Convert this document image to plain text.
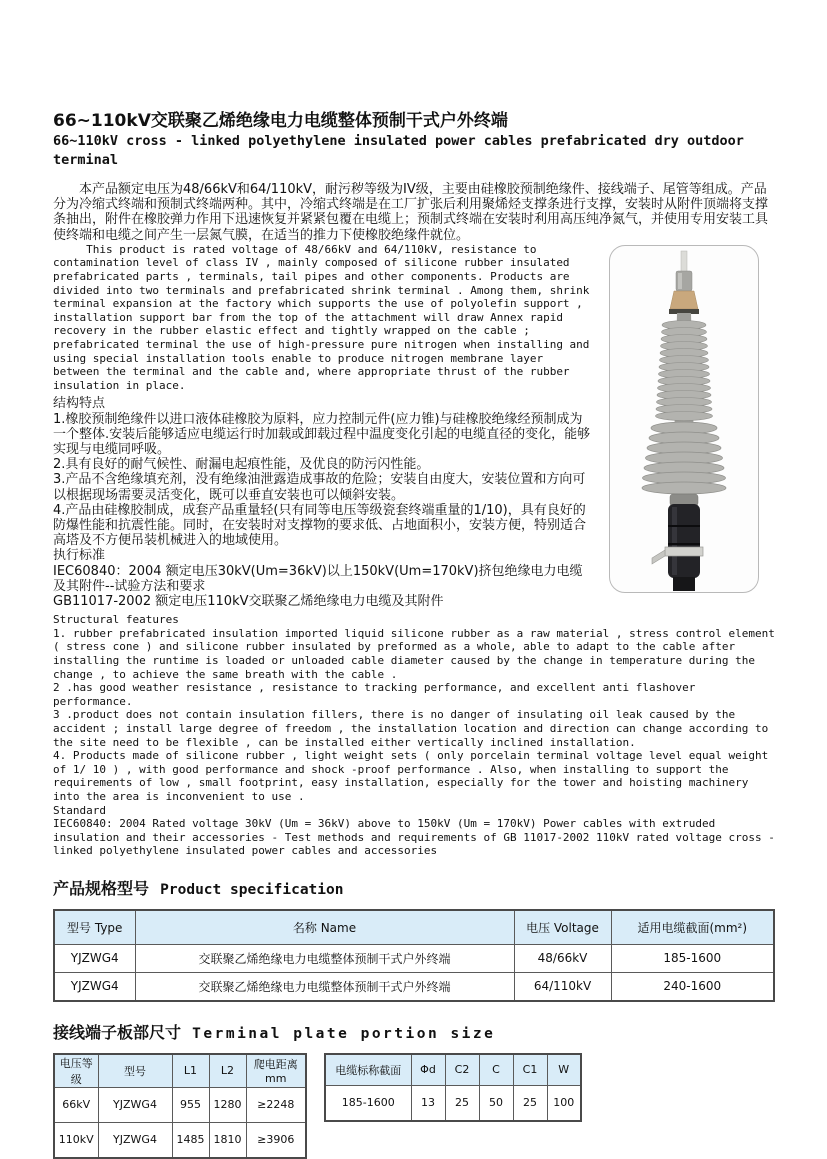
66~110kV交联聚乙烯绝缘电力电缆整体预制干式户外终端
66~110kV cross - linked polyethylene insulated power cables prefabricated dry outdoor terminal

本产品额定电压为48/66kV和64/110kV，耐污秽等级为IV级，主要由硅橡胶预制绝缘件、接线端子、尾管等组成。产品分为冷缩式终端和预制式终端两种。其中，冷缩式终端是在工厂扩张后利用聚烯烃支撑条进行支撑，安装时从附件顶端将支撑条抽出，附件在橡胶弹力作用下迅速恢复并紧紧包覆在电缆上；预制式终端在安装时利用高压纯净氮气，并使用专用安装工具使终端和电缆之间产生一层氮气膜，在适当的推力下使橡胶绝缘件就位。

This product is rated voltage of 48/66kV and 64/110kV, resistance to contamination level of class IV , mainly composed of silicone rubber insulated prefabricated parts , terminals, tail pipes and other components. Products are divided into two terminals and prefabricated shrink terminal . Among them, shrink terminal expansion at the factory which supports the use of polyolefin support , installation support bar from the top of the attachment will draw Annex rapid recovery in the rubber elastic effect and tightly wrapped on the cable ; prefabricated terminal the use of high-pressure pure nitrogen when installing and using special installation tools enable to produce nitrogen membrane layer between the terminal and the cable and, where appropriate thrust of the rubber insulation in place.

结构特点

1.橡胶预制绝缘件以进口液体硅橡胶为原料，应力控制元件(应力锥)与硅橡胶绝缘经预制成为一个整体.安装后能够适应电缆运行时加载或卸载过程中温度变化引起的电缆直径的变化，能够实现与电缆同呼吸。

2.具有良好的耐气候性、耐漏电起痕性能，及优良的防污闪性能。

3.产品不含绝缘填充剂，没有绝缘油泄露造成事故的危险；安装自由度大，安装位置和方向可以根据现场需要灵活变化，既可以垂直安装也可以倾斜安装。

4.产品由硅橡胶制成，成套产品重量轻(只有同等电压等级瓷套终端重量的1/10)，具有良好的防爆性能和抗震性能。同时，在安装时对支撑物的要求低、占地面积小，安装方便，特别适合高塔及不方便吊装机械进入的地域使用。

执行标准

IEC60840：2004 额定电压30kV(Um=36kV)以上150kV(Um=170kV)挤包绝缘电力电缆及其附件--试验方法和要求

GB11017-2002 额定电压110kV交联聚乙烯绝缘电力电缆及其附件

Structural features

1. rubber prefabricated insulation imported liquid silicone rubber as a raw material , stress control element ( stress cone ) and silicone rubber insulated by preformed as a whole, able to adapt to the cable after installing the runtime is loaded or unloaded cable diameter caused by the change in temperature during the change , to achieve the same breath with the cable .

2 .has good weather resistance , resistance to tracking performance, and excellent anti flashover performance.

3 .product does not contain insulation fillers, there is no danger of insulating oil leak caused by the accident ; install large degree of freedom , the installation location and direction can change according to the site need to be flexible , can be installed either vertically inclined installation.

4. Products made of silicone rubber , light weight sets ( only porcelain terminal voltage level equal weight of 1/ 10 ) , with good performance and shock -proof performance . Also, when installing to support the requirements of low , small footprint, easy installation, especially for the tower and hoisting machinery into the area is inconvenient to use .

Standard

IEC60840: 2004 Rated voltage 30kV (Um = 36kV) above to 150kV (Um = 170kV) Power cables with extruded insulation and their accessories - Test methods and requirements of GB 11017-2002 110kV rated voltage cross - linked polyethylene insulated power cables and accessories

产品规格型号 Product specification
型号 Type	名称 Name	电压 Voltage	适用电缆截面(mm²)
YJZWG4	交联聚乙烯绝缘电力电缆整体预制干式户外终端	48/66kV	185-1600
YJZWG4	交联聚乙烯绝缘电力电缆整体预制干式户外终端	64/110kV	240-1600
接线端子板部尺寸 Terminal plate portion size
电压等级	型号	L1	L2	爬电距离mm
66kV	YJZWG4	955	1280	≥2248
110kV	YJZWG4	1485	1810	≥3906
电缆标称截面	Φd	C2	C	C1	W
185-1600	13	25	50	25	100
